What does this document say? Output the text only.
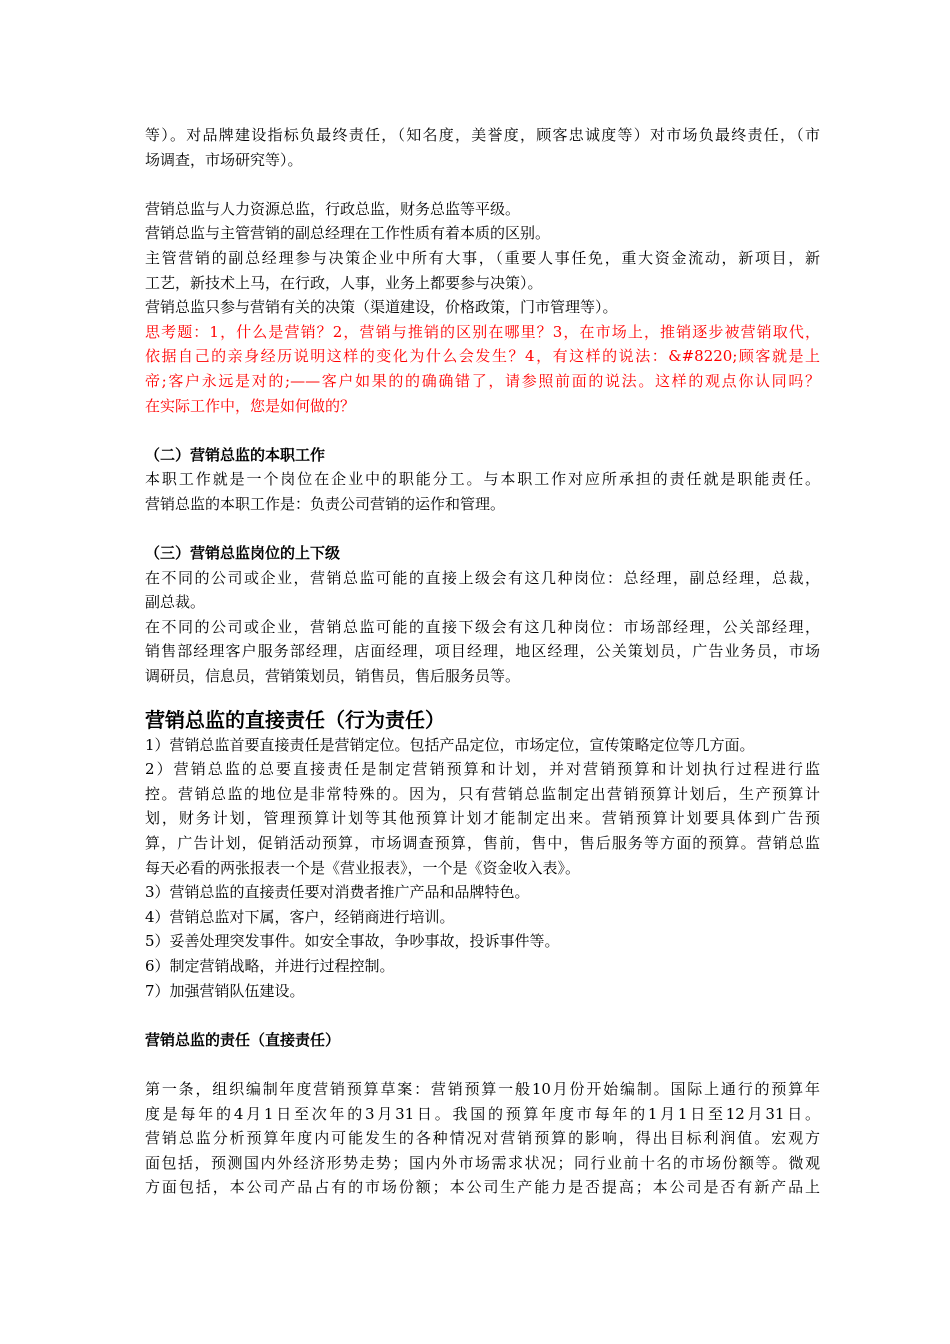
等）。对品牌建设指标负最终责任，（知名度，美誉度，顾客忠诚度等）对市场负最终责任，（市
场调查，市场研究等）。
营销总监与人力资源总监，行政总监，财务总监等平级。
营销总监与主管营销的副总经理在工作性质有着本质的区别。
主管营销的副总经理参与决策企业中所有大事，（重要人事任免，重大资金流动，新项目，新
工艺，新技术上马，在行政，人事，业务上都要参与决策）。
营销总监只参与营销有关的决策（渠道建设，价格政策，门市管理等）。
思考题：1，什么是营销？2，营销与推销的区别在哪里？3，在市场上，推销逐步被营销取代，
依据自己的亲身经历说明这样的变化为什么会发生？4，有这样的说法：&#8220;顾客就是上
帝;客户永远是对的;——客户如果的的确确错了，请参照前面的说法。这样的观点你认同吗？
在实际工作中，您是如何做的？
（二）营销总监的本职工作
本职工作就是一个岗位在企业中的职能分工。与本职工作对应所承担的责任就是职能责任。
营销总监的本职工作是：负责公司营销的运作和管理。
（三）营销总监岗位的上下级
在不同的公司或企业，营销总监可能的直接上级会有这几种岗位：总经理，副总经理，总裁，
副总裁。
在不同的公司或企业，营销总监可能的直接下级会有这几种岗位：市场部经理，公关部经理，
销售部经理客户服务部经理，店面经理，项目经理，地区经理，公关策划员，广告业务员，市场
调研员，信息员，营销策划员，销售员，售后服务员等。
营销总监的直接责任（行为责任）
1）营销总监首要直接责任是营销定位。包括产品定位，市场定位，宣传策略定位等几方面。
2）营销总监的总要直接责任是制定营销预算和计划，并对营销预算和计划执行过程进行监
控。营销总监的地位是非常特殊的。因为，只有营销总监制定出营销预算计划后，生产预算计
划，财务计划，管理预算计划等其他预算计划才能制定出来。营销预算计划要具体到广告预
算，广告计划，促销活动预算，市场调查预算，售前，售中，售后服务等方面的预算。营销总监
每天必看的两张报表一个是《营业报表》，一个是《资金收入表》。
3）营销总监的直接责任要对消费者推广产品和品牌特色。
4）营销总监对下属，客户，经销商进行培训。
5）妥善处理突发事件。如安全事故，争吵事故，投诉事件等。
6）制定营销战略，并进行过程控制。
7）加强营销队伍建设。
营销总监的责任（直接责任）
第一条，组织编制年度营销预算草案：营销预算一般10月份开始编制。国际上通行的预算年
度是每年的4月1日至次年的3月31日。我国的预算年度市每年的1月1日至12月31日。
营销总监分析预算年度内可能发生的各种情况对营销预算的影响，得出目标利润值。宏观方
面包括，预测国内外经济形势走势；国内外市场需求状况；同行业前十名的市场份额等。微观
方面包括，本公司产品占有的市场份额；本公司生产能力是否提高；本公司是否有新产品上
